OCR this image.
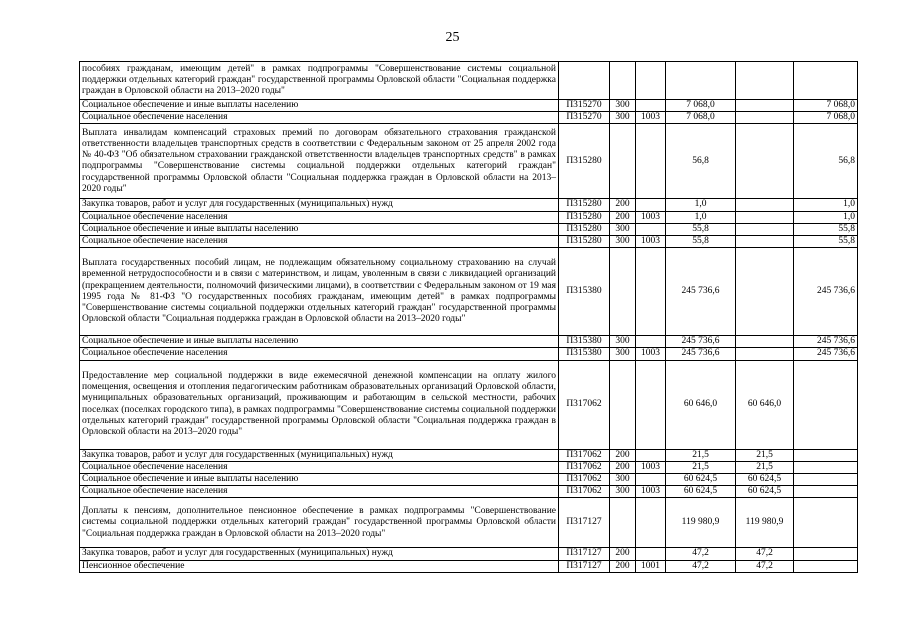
25
пособиях гражданам, имеющим детей" в рамках подпрограммы "Совершенствование системы социальной поддержки отдельных категорий граждан" государственной программы Орловской области "Социальная поддержка граждан в Орловской области на 2013–2020 годы"						
Социальное обеспечение и иные выплаты населению	П315270	300		7 068,0		7 068,0
Социальное обеспечение населения	П315270	300	1003	7 068,0		7 068,0
Выплата инвалидам компенсаций страховых премий по договорам обязательного страхования гражданской ответственности владельцев транспортных средств в соответствии с Федеральным законом от 25 апреля 2002 года № 40-ФЗ "Об обязательном страховании гражданской ответственности владельцев транспортных средств" в рамках подпрограммы "Совершенствование системы социальной поддержки отдельных категорий граждан" государственной программы Орловской области "Социальная поддержка граждан в Орловской области на 2013–2020 годы"	П315280			56,8		56,8
Закупка товаров, работ и услуг для государственных (муниципальных) нужд	П315280	200		1,0		1,0
Социальное обеспечение населения	П315280	200	1003	1,0		1,0
Социальное обеспечение и иные выплаты населению	П315280	300		55,8		55,8
Социальное обеспечение населения	П315280	300	1003	55,8		55,8
Выплата государственных пособий лицам, не подлежащим обязательному социальному страхованию на случай временной нетрудоспособности и в связи с материнством, и лицам, уволенным в связи с ликвидацией организаций (прекращением деятельности, полномочий физическими лицами), в соответствии с Федеральным законом от 19 мая 1995 года № 81-ФЗ "О государственных пособиях гражданам, имеющим детей" в рамках подпрограммы "Совершенствование системы социальной поддержки отдельных категорий граждан" государственной программы Орловской области "Социальная поддержка граждан в Орловской области на 2013–2020 годы"	П315380			245 736,6		245 736,6
Социальное обеспечение и иные выплаты населению	П315380	300		245 736,6		245 736,6
Социальное обеспечение населения	П315380	300	1003	245 736,6		245 736,6
Предоставление мер социальной поддержки в виде ежемесячной денежной компенсации на оплату жилого помещения, освещения и отопления педагогическим работникам образовательных организаций Орловской области, муниципальных образовательных организаций, проживающим и работающим в сельской местности, рабочих поселках (поселках городского типа), в рамках подпрограммы "Совершенствование системы социальной поддержки отдельных категорий граждан" государственной программы Орловской области "Социальная поддержка граждан в Орловской области на 2013–2020 годы"	П317062			60 646,0	60 646,0	
Закупка товаров, работ и услуг для государственных (муниципальных) нужд	П317062	200		21,5	21,5	
Социальное обеспечение населения	П317062	200	1003	21,5	21,5	
Социальное обеспечение и иные выплаты населению	П317062	300		60 624,5	60 624,5	
Социальное обеспечение населения	П317062	300	1003	60 624,5	60 624,5	
Доплаты к пенсиям, дополнительное пенсионное обеспечение в рамках подпрограммы "Совершенствование системы социальной поддержки отдельных категорий граждан" государственной программы Орловской области "Социальная поддержка граждан в Орловской области на 2013–2020 годы"	П317127			119 980,9	119 980,9	
Закупка товаров, работ и услуг для государственных (муниципальных) нужд	П317127	200		47,2	47,2	
Пенсионное обеспечение	П317127	200	1001	47,2	47,2	
